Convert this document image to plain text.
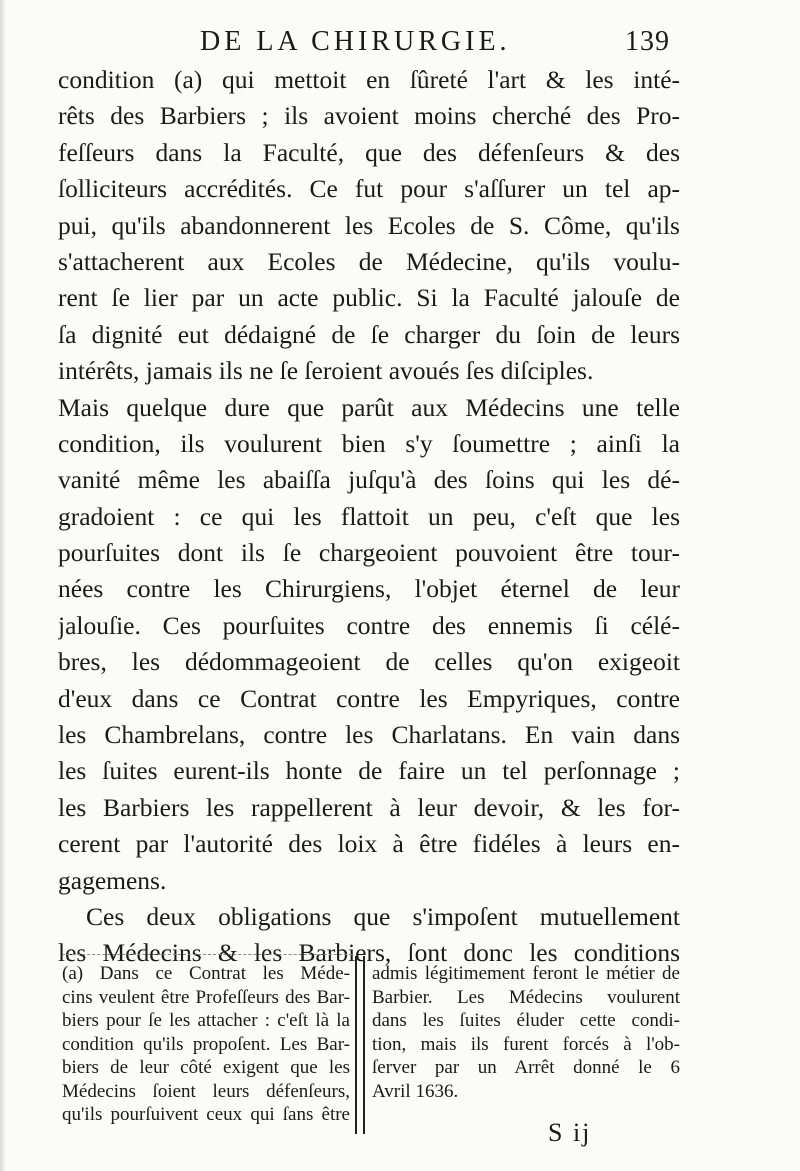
DE LA CHIRURGIE.	139
condition (a) qui mettoit en ſûreté l'art & les inté-
rêts des Barbiers ; ils avoient moins cherché des Pro-
feſſeurs dans la Faculté, que des défenſeurs & des
ſolliciteurs accrédités. Ce fut pour s'aſſurer un tel ap-
pui, qu'ils abandonnerent les Ecoles de S. Côme, qu'ils
s'attacherent aux Ecoles de Médecine, qu'ils voulu-
rent ſe lier par un acte public. Si la Faculté jalouſe de
ſa dignité eut dédaigné de ſe charger du ſoin de leurs
intérêts, jamais ils ne ſe ſeroient avoués ſes diſciples.
Mais quelque dure que parût aux Médecins une telle
condition, ils voulurent bien s'y ſoumettre ; ainſi la
vanité même les abaiſſa juſqu'à des ſoins qui les dé-
gradoient : ce qui les flattoit un peu, c'eſt que les
pourſuites dont ils ſe chargeoient pouvoient être tour-
nées contre les Chirurgiens, l'objet éternel de leur
jalouſie. Ces pourſuites contre des ennemis ſi célé-
bres, les dédommageoient de celles qu'on exigeoit
d'eux dans ce Contrat contre les Empyriques, contre
les Chambrelans, contre les Charlatans. En vain dans
les ſuites eurent-ils honte de faire un tel perſonnage ;
les Barbiers les rappellerent à leur devoir, & les for-
cerent par l'autorité des loix à être fidéles à leurs en-
gagemens.
Ces deux obligations que s'impoſent mutuellement
les Médecins & les Barbiers, ſont donc les conditions
(a) Dans ce Contrat les Méde-
cins veulent être Profeſſeurs des Bar-
biers pour ſe les attacher : c'eſt là la
condition qu'ils propoſent. Les Bar-
biers de leur côté exigent que les
Médecins ſoient leurs défenſeurs,
qu'ils pourſuivent ceux qui ſans être
admis légitimement feront le métier de
Barbier. Les Médecins voulurent
dans les ſuites éluder cette condi-
tion, mais ils furent forcés à l'ob-
ſerver par un Arrêt donné le 6
Avril 1636.
S ij
